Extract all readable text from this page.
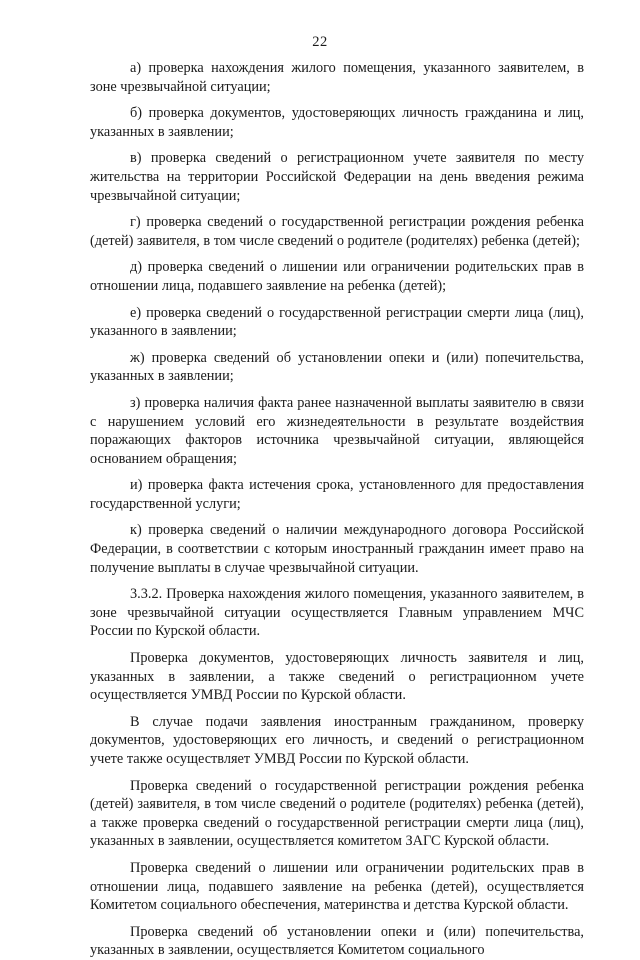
22

а) проверка нахождения жилого помещения, указанного заявителем, в зоне чрезвычайной ситуации;

б) проверка документов, удостоверяющих личность гражданина и лиц, указанных в заявлении;

в) проверка сведений о регистрационном учете заявителя по месту жительства на территории Российской Федерации на день введения режима чрезвычайной ситуации;

г) проверка сведений о государственной регистрации рождения ребенка (детей) заявителя, в том числе сведений о родителе (родителях) ребенка (детей);

д) проверка сведений о лишении или ограничении родительских прав в отношении лица, подавшего заявление на ребенка (детей);

е) проверка сведений о государственной регистрации смерти лица (лиц), указанного в заявлении;

ж) проверка сведений об установлении опеки и (или) попечительства, указанных в заявлении;

з) проверка наличия факта ранее назначенной выплаты заявителю в связи с нарушением условий его жизнедеятельности в результате воздействия поражающих факторов источника чрезвычайной ситуации, являющейся основанием обращения;

и) проверка факта истечения срока, установленного для предоставления государственной услуги;

к) проверка сведений о наличии международного договора Российской Федерации, в соответствии с которым иностранный гражданин имеет право на получение выплаты в случае чрезвычайной ситуации.

3.3.2. Проверка нахождения жилого помещения, указанного заявителем, в зоне чрезвычайной ситуации осуществляется Главным управлением МЧС России по Курской области.

Проверка документов, удостоверяющих личность заявителя и лиц, указанных в заявлении, а также сведений о регистрационном учете осуществляется УМВД России по Курской области.

В случае подачи заявления иностранным гражданином, проверку документов, удостоверяющих его личность, и сведений о регистрационном учете также осуществляет УМВД России по Курской области.

Проверка сведений о государственной регистрации рождения ребенка (детей) заявителя, в том числе сведений о родителе (родителях) ребенка (детей), а также проверка сведений о государственной регистрации смерти лица (лиц), указанных в заявлении, осуществляется комитетом ЗАГС Курской области.

Проверка сведений о лишении или ограничении родительских прав в отношении лица, подавшего заявление на ребенка (детей), осуществляется Комитетом социального обеспечения, материнства и детства Курской области.

Проверка сведений об установлении опеки и (или) попечительства, указанных в заявлении, осуществляется Комитетом социального
